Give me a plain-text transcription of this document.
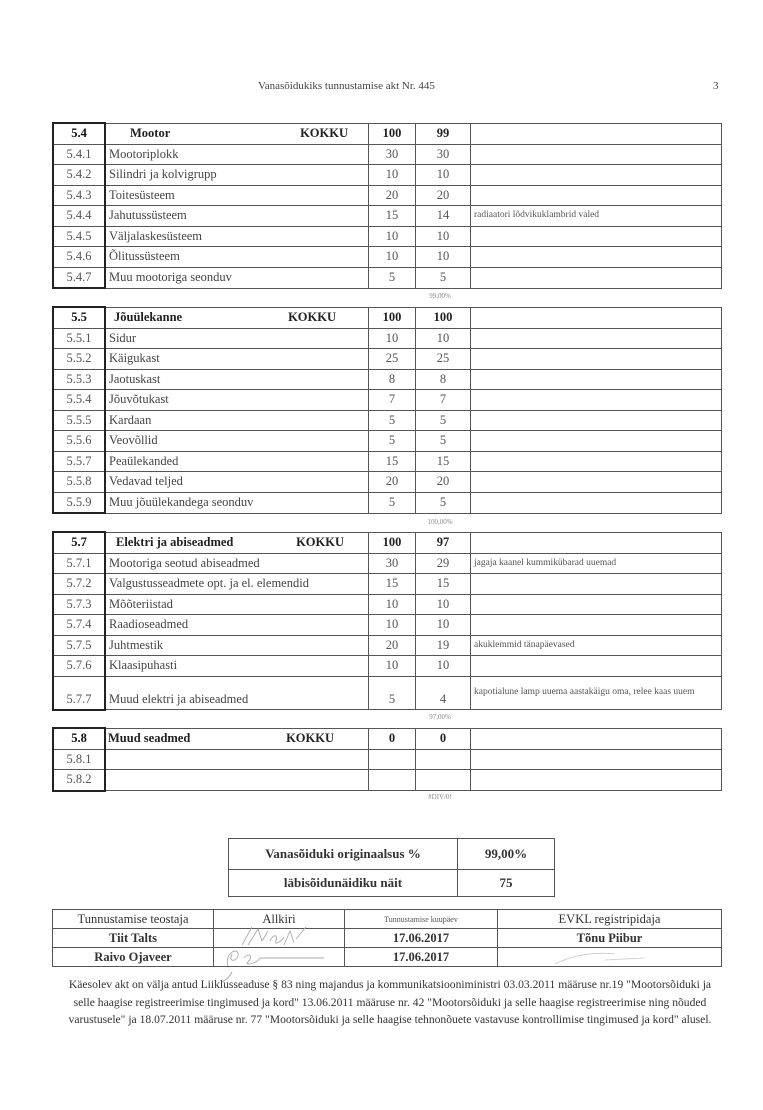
Vanasõidukiks tunnustamise akt Nr. 445	3
5.4	Mootor KOKKU	100	99	
5.4.1	Mootoriplokk	30	30	
5.4.2	Silindri ja kolvigrupp	10	10	
5.4.3	Toitesüsteem	20	20	
5.4.4	Jahutussüsteem	15	14	radiaatori lõdvikuklambrid valed
5.4.5	Väljalaskesüsteem	10	10	
5.4.6	Õlitussüsteem	10	10	
5.4.7	Muu mootoriga seonduv	5	5	
99,00%
5.5	Jõuülekanne KOKKU	100	100	
5.5.1	Sidur	10	10	
5.5.2	Käigukast	25	25	
5.5.3	Jaotuskast	8	8	
5.5.4	Jõuvõtukast	7	7	
5.5.5	Kardaan	5	5	
5.5.6	Veovõllid	5	5	
5.5.7	Peaülekanded	15	15	
5.5.8	Vedavad teljed	20	20	
5.5.9	Muu jõuülekandega seonduv	5	5	
100,00%
5.7	Elektri ja abiseadmed KOKKU	100	97	
5.7.1	Mootoriga seotud abiseadmed	30	29	jagaja kaanel kummikübarad uuemad
5.7.2	Valgustusseadmete opt. ja el. elemendid	15	15	
5.7.3	Mõõteriistad	10	10	
5.7.4	Raadioseadmed	10	10	
5.7.5	Juhtmestik	20	19	akuklemmid tänapäevased
5.7.6	Klaasipuhasti	10	10	
5.7.7	Muud elektri ja abiseadmed	5	4	kapotialune lamp uuema aastakäigu oma, relee kaas uuem
97,00%
5.8	Muud seadmed KOKKU	0	0	
5.8.1				
5.8.2				
#DIV/0!
Vanasõiduki originaalsus %	99,00%
läbisõidunäidiku näit	75
Tunnustamise teostaja	Allkiri	Tunnustamise kuupäev	EVKL registripidaja
Tiit Talts		17.06.2017	Tõnu Piibur
Raivo Ojaveer		17.06.2017	
Käesolev akt on välja antud Liiklusseaduse § 83 ning majandus ja kommunikatsiooniministri 03.03.2011 määruse nr.19 "Mootorsõiduki ja selle haagise registreerimise tingimused ja kord" 13.06.2011 määruse nr. 42 "Mootorsõiduki ja selle haagise registreerimise ning nõuded varustusele" ja 18.07.2011 määruse nr. 77 "Mootorsõiduki ja selle haagise tehnonõuete vastavuse kontrollimise tingimused ja kord" alusel.
